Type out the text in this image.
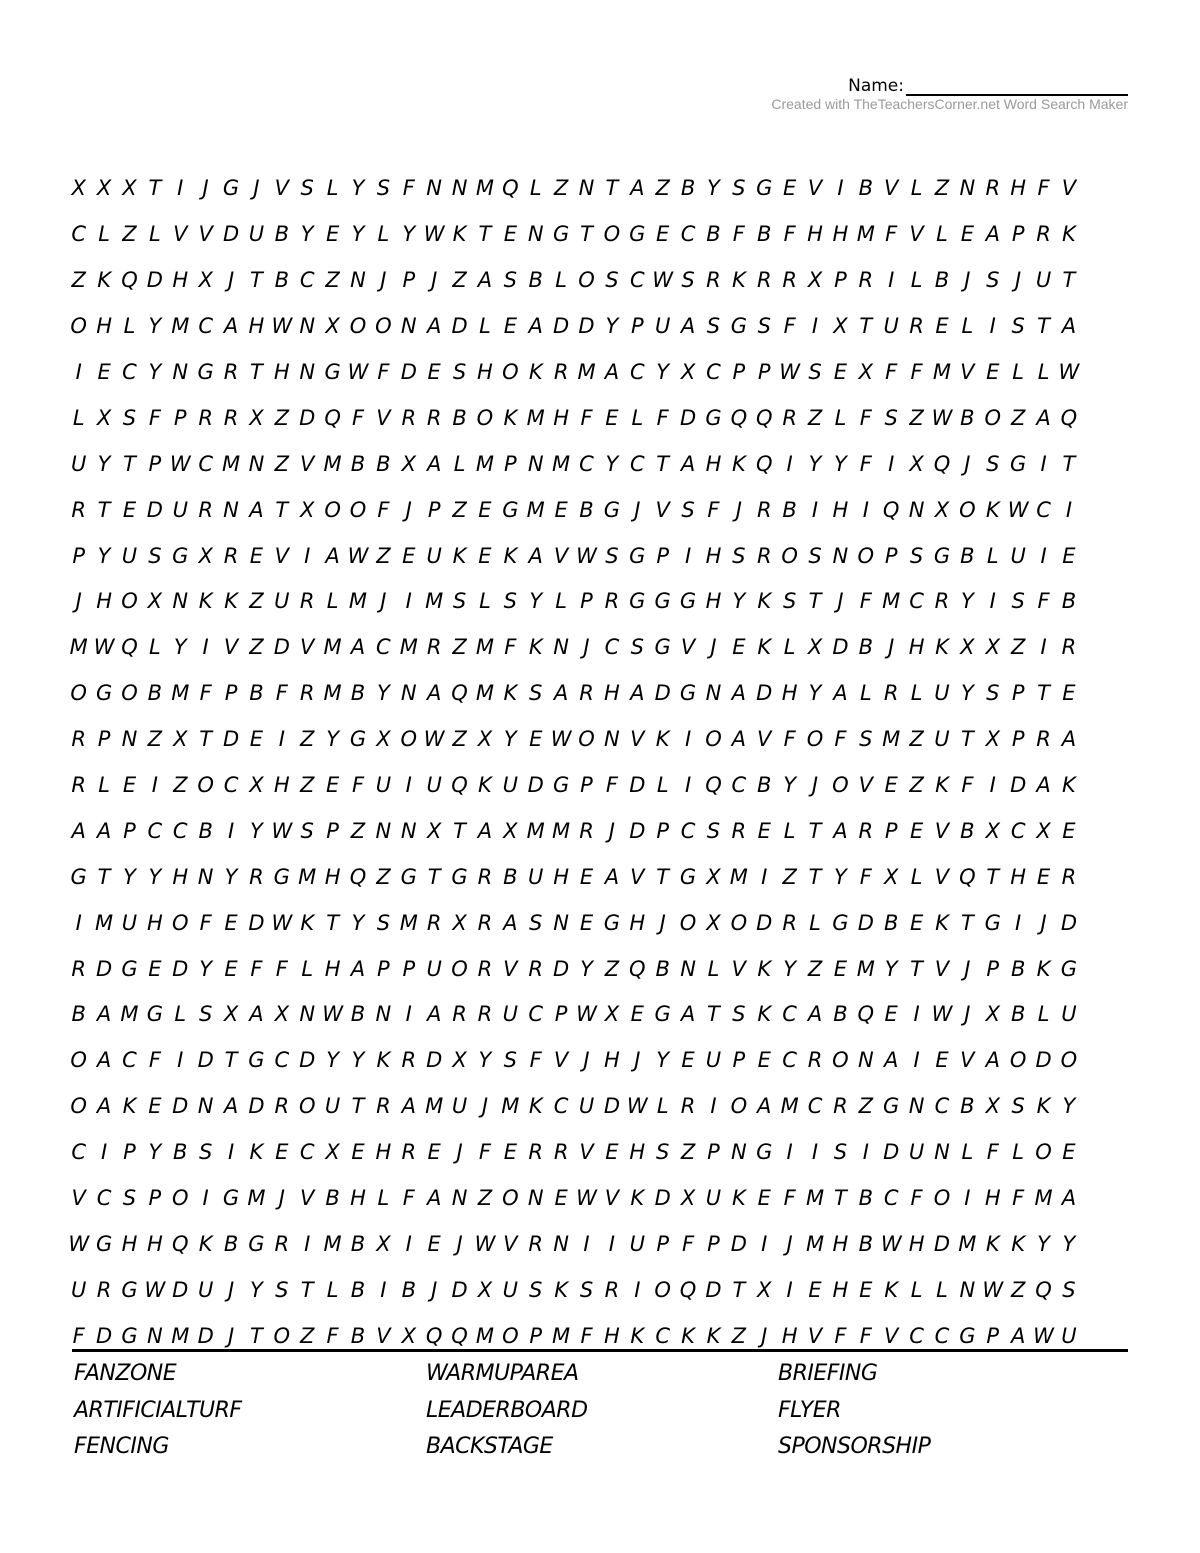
Name:
Created with TheTeachersCorner.net Word Search Maker
X X X T I J G J V S L Y S F N N M Q L Z N T A Z B Y S G E V I B V L Z N R H F V
C L Z L V V D U B Y E Y L Y W K T E N G T O G E C B F B F H H M F V L E A P R K
Z K Q D H X J T B C Z N J P J Z A S B L O S C W S R K R R X P R I L B J S J U T
O H L Y M C A H W N X O O N A D L E A D D Y P U A S G S F I X T U R E L I S T A
I E C Y N G R T H N G W F D E S H O K R M A C Y X C P P W S E X F F M V E L L W
L X S F P R R X Z D Q F V R R B O K M H F E L F D G Q Q R Z L F S Z W B O Z A Q
U Y T P W C M N Z V M B B X A L M P N M C Y C T A H K Q I Y Y F I X Q J S G I T
R T E D U R N A T X O O F J P Z E G M E B G J V S F J R B I H I Q N X O K W C I
P Y U S G X R E V I A W Z E U K E K A V W S G P I H S R O S N O P S G B L U I E
J H O X N K K Z U R L M J I M S L S Y L P R G G G H Y K S T J F M C R Y I S F B
M W Q L Y I V Z D V M A C M R Z M F K N J C S G V J E K L X D B J H K X X Z I R
O G O B M F P B F R M B Y N A Q M K S A R H A D G N A D H Y A L R L U Y S P T E
R P N Z X T D E I Z Y G X O W Z X Y E W O N V K I O A V F O F S M Z U T X P R A
R L E I Z O C X H Z E F U I U Q K U D G P F D L I Q C B Y J O V E Z K F I D A K
A A P C C B I Y W S P Z N N X T A X M M R J D P C S R E L T A R P E V B X C X E
G T Y Y H N Y R G M H Q Z G T G R B U H E A V T G X M I Z T Y F X L V Q T H E R
I M U H O F E D W K T Y S M R X R A S N E G H J O X O D R L G D B E K T G I J D
R D G E D Y E F F L H A P P U O R V R D Y Z Q B N L V K Y Z E M Y T V J P B K G
B A M G L S X A X N W B N I A R R U C P W X E G A T S K C A B Q E I W J X B L U
O A C F I D T G C D Y Y K R D X Y S F V J H J Y E U P E C R O N A I E V A O D O
O A K E D N A D R O U T R A M U J M K C U D W L R I O A M C R Z G N C B X S K Y
C I P Y B S I K E C X E H R E J F E R R V E H S Z P N G I I S I D U N L F L O E
V C S P O I G M J V B H L F A N Z O N E W V K D X U K E F M T B C F O I H F M A
W G H H Q K B G R I M B X I E J W V R N I I U P F P D I J M H B W H D M K K Y Y
U R G W D U J Y S T L B I B J D X U S K S R I O Q D T X I E H E K L L N W Z Q S
F D G N M D J T O Z F B V X Q Q M O P M F H K C K K Z J H V F F V C C G P A W U
FANZONE	WARMUPAREA	BRIEFING
ARTIFICIALTURF	LEADERBOARD	FLYER
FENCING	BACKSTAGE	SPONSORSHIP
